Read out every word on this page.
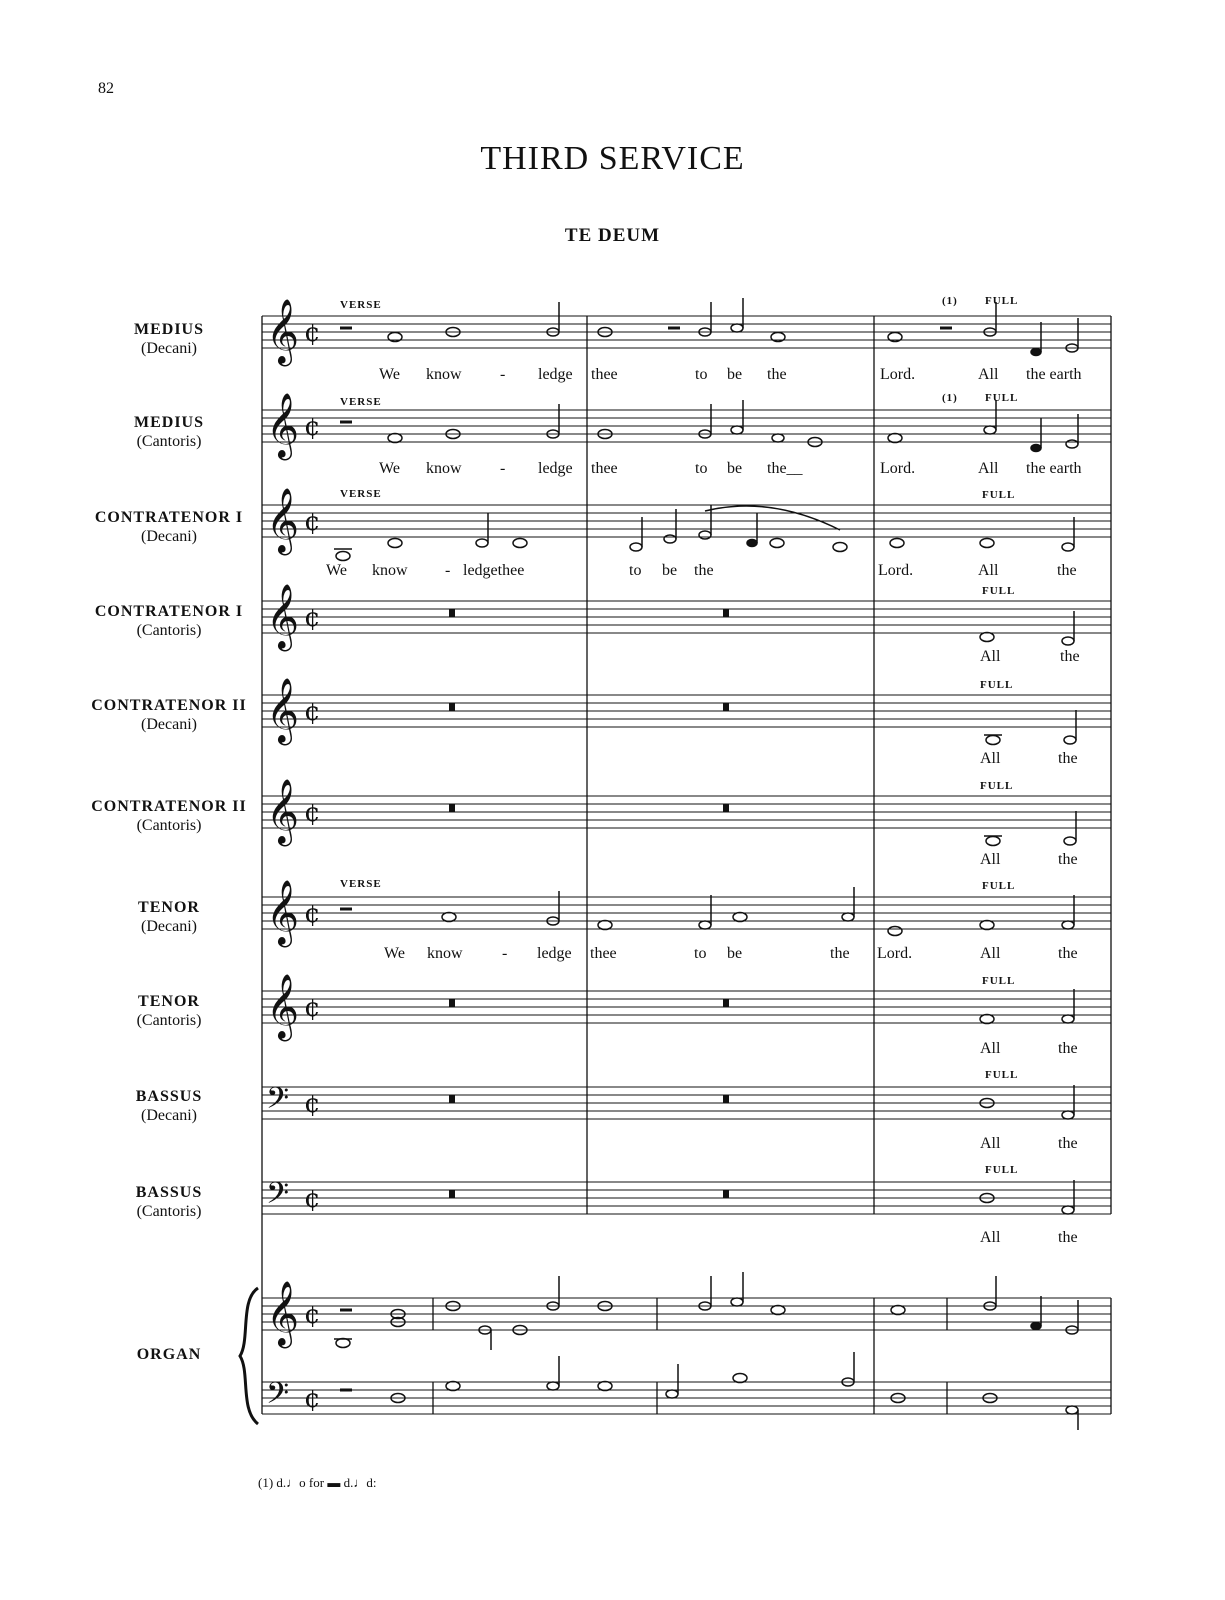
82
THIRD SERVICE
TE DEUM
MEDIUS
(Decani)
MEDIUS
(Cantoris)
CONTRATENOR I
(Decani)
CONTRATENOR I
(Cantoris)
CONTRATENOR II
(Decani)
CONTRATENOR II
(Cantoris)
TENOR
(Decani)
TENOR
(Cantoris)
BASSUS
(Decani)
BASSUS
(Cantoris)
ORGAN
VERSE	(1) FULL
VERSE	(1) FULL
VERSE	FULL
FULL
FULL
FULL
VERSE	FULL
FULL
FULL
FULL
We know - ledge thee	to be the	Lord.	All the earth
We know - ledge thee	to be the__	Lord.	All the earth
We know - ledgethee	to be the	Lord.	All	the
All	the
All	the
All	the
We know - ledge thee	to be	the Lord.	All	the
All	the
All	the
All	the
(1) d.♩o for ▬ d.♩d:
𝄞
𝄞
𝄞
𝄞
𝄞
𝄞
𝄞
𝄞
𝄢
𝄢
𝄞
𝄢
¢
¢
¢
¢
¢
¢
¢
¢
¢
¢
¢
¢
